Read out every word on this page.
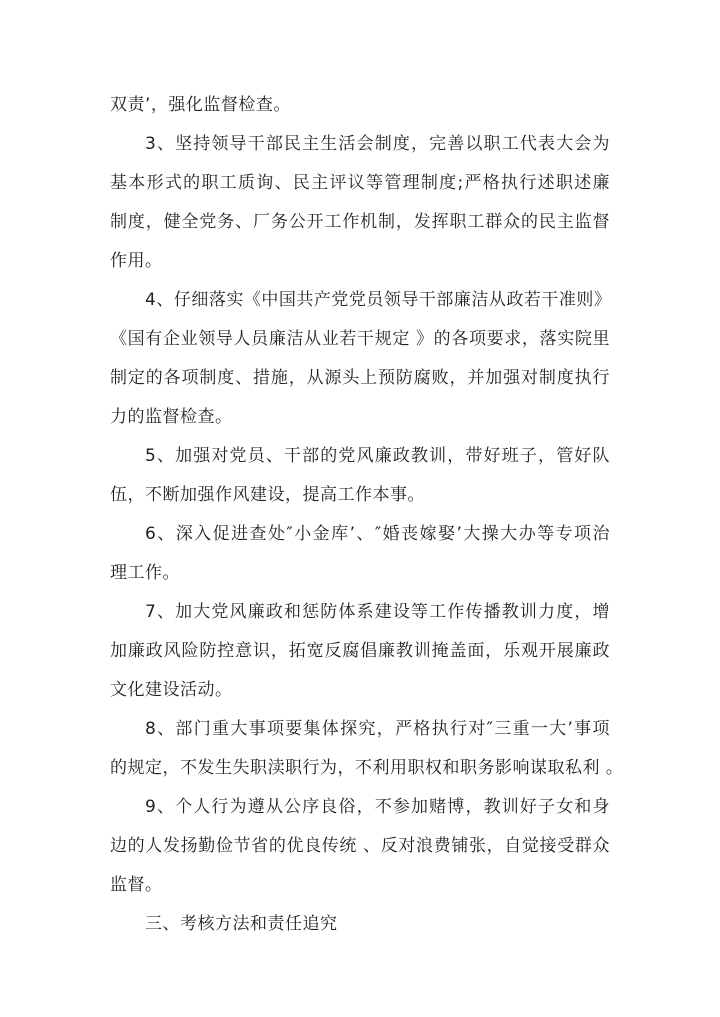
双责’，强化监督检查。
3、坚持领导干部民主生活会制度，完善以职工代表大会为
基本形式的职工质询、民主评议等管理制度;严格执行述职述廉
制度，健全党务、厂务公开工作机制，发挥职工群众的民主监督
作用。
4、仔细落实《中国共产党党员领导干部廉洁从政若干准则》
《国有企业领导人员廉洁从业若干规定 》的各项要求，落实院里
制定的各项制度、措施，从源头上预防腐败，并加强对制度执行
力的监督检查。
5、加强对党员、干部的党风廉政教训，带好班子，管好队
伍，不断加强作风建设，提高工作本事。
6、深入促进查处″小金库’、″婚丧嫁娶’大操大办等专项治
理工作。
7、加大党风廉政和惩防体系建设等工作传播教训力度，增
加廉政风险防控意识，拓宽反腐倡廉教训掩盖面，乐观开展廉政
文化建设活动。
8、部门重大事项要集体探究，严格执行对″三重一大’事项
的规定，不发生失职渎职行为，不利用职权和职务影响谋取私利 。
9、个人行为遵从公序良俗，不参加赌博，教训好子女和身
边的人发扬勤俭节省的优良传统 、反对浪费铺张，自觉接受群众
监督。
三、考核方法和责任追究
